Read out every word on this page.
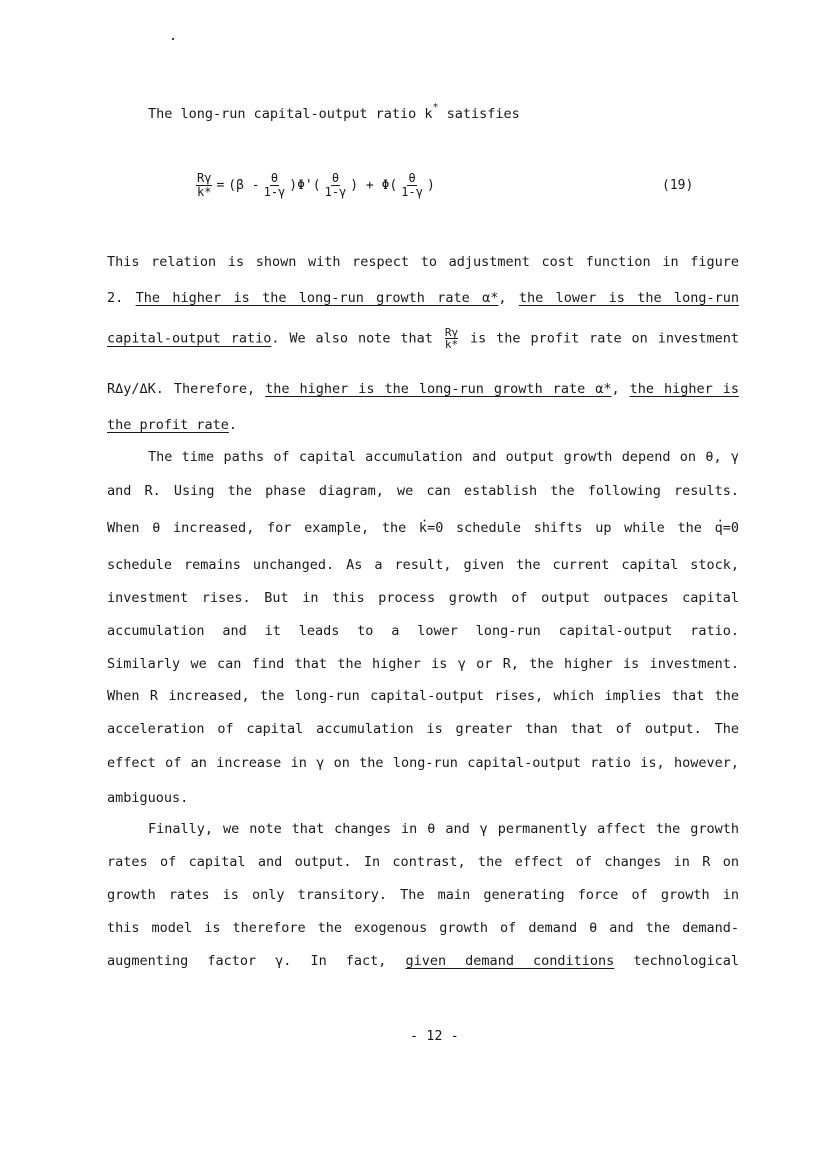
The long-run capital-output ratio k* satisfies
$\frac{R\gamma}{k*} = (\beta - \frac{\theta}{1-\gamma} )\Phi'( \frac{\theta}{1-\gamma}$ ) + $\Phi( \frac{\theta}{1-\gamma}$ )	(19)
This relation is shown with respect to adjustment cost function in figure
2. The higher is the long-run growth rate α*, the lower is the long-run
capital-output ratio. We also note that $\frac{R\gamma}{k*}$ is the profit rate on investment
RΔy/ΔK. Therefore, the higher is the long-run growth rate α*, the higher is
the profit rate.
The time paths of capital accumulation and output growth depend on θ, γ
and R. Using the phase diagram, we can establish the following results.
When θ increased, for example, the · k=0 schedule shifts up while the · q=0
schedule remains unchanged. As a result, given the current capital stock,
investment rises. But in this process growth of output outpaces capital
accumulation and it leads to a lower long-run capital-output ratio.
Similarly we can find that the higher is γ or R, the higher is investment.
When R increased, the long-run capital-output rises, which implies that the
acceleration of capital accumulation is greater than that of output. The
effect of an increase in γ on the long-run capital-output ratio is, however,
ambiguous.
Finally, we note that changes in θ and γ permanently affect the growth
rates of capital and output. In contrast, the effect of changes in R on
growth rates is only transitory. The main generating force of growth in
this model is therefore the exogenous growth of demand θ and the demand-
augmenting factor γ. In fact, given demand conditions technological
- 12 -
